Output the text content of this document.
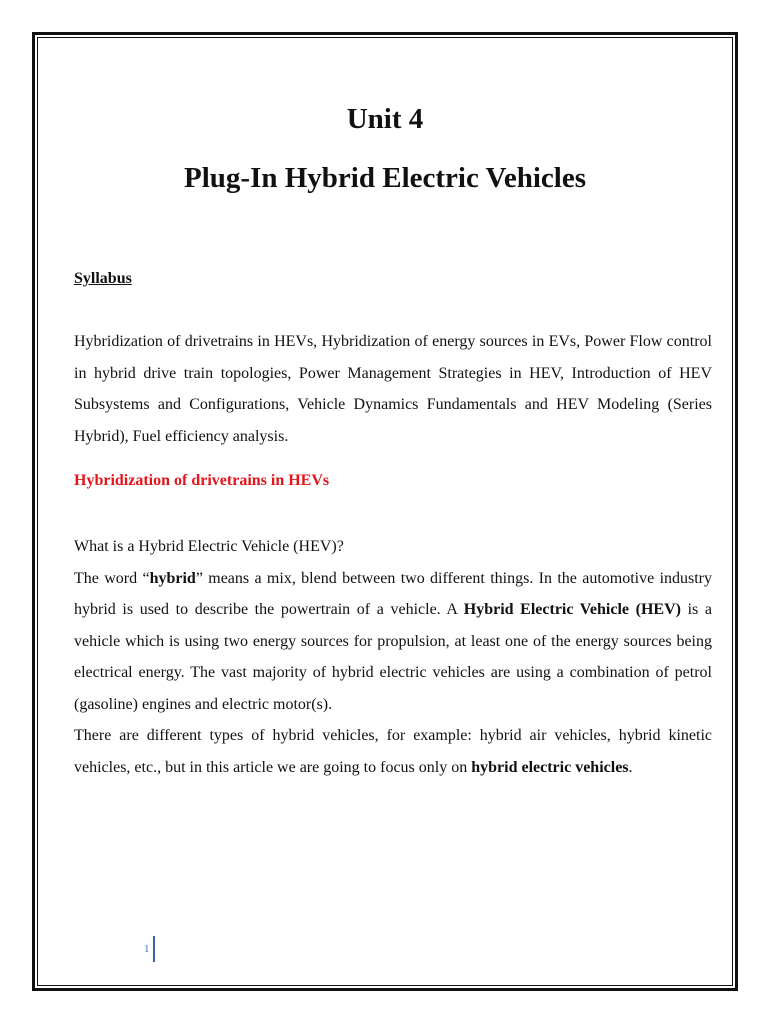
Unit 4
Plug-In Hybrid Electric Vehicles
Syllabus

Hybridization of drivetrains in HEVs, Hybridization of energy sources in EVs, Power Flow control in hybrid drive train topologies, Power Management Strategies in HEV, Introduction of HEV Subsystems and Configurations, Vehicle Dynamics Fundamentals and HEV Modeling (Series Hybrid), Fuel efficiency analysis.

Hybridization of drivetrains in HEVs

What is a Hybrid Electric Vehicle (HEV)?

The word “hybrid” means a mix, blend between two different things. In the automotive industry hybrid is used to describe the powertrain of a vehicle. A Hybrid Electric Vehicle (HEV) is a vehicle which is using two energy sources for propulsion, at least one of the energy sources being electrical energy. The vast majority of hybrid electric vehicles are using a combination of petrol (gasoline) engines and electric motor(s).

There are different types of hybrid vehicles, for example: hybrid air vehicles, hybrid kinetic vehicles, etc., but in this article we are going to focus only on hybrid electric vehicles.

1
